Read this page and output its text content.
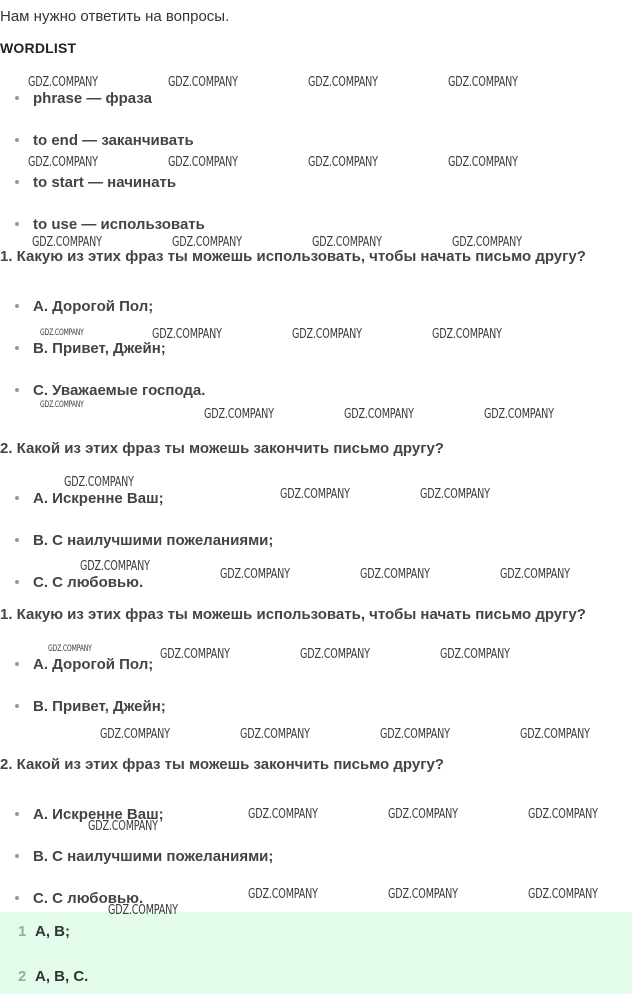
Нам нужно ответить на вопросы.
WORDLIST
phrase — фраза
to end — заканчивать
to start — начинать
to use — использовать
1. Какую из этих фраз ты можешь использовать, чтобы начать письмо другу?
A. Дорогой Пол;
B. Привет, Джейн;
C. Уважаемые господа.
2. Какой из этих фраз ты можешь закончить письмо другу?
A. Искренне Ваш;
B. С наилучшими пожеланиями;
C. С любовью.
1. Какую из этих фраз ты можешь использовать, чтобы начать письмо другу?
A. Дорогой Пол;
B. Привет, Джейн;
2. Какой из этих фраз ты можешь закончить письмо другу?
A. Искренне Ваш;
B. С наилучшими пожеланиями;
C. С любовью.
1 A, B;
2 A, B, C.
GDZ.COMPANY	GDZ.COMPANY	GDZ.COMPANY	GDZ.COMPANY
GDZ.COMPANY	GDZ.COMPANY	GDZ.COMPANY	GDZ.COMPANY
GDZ.COMPANY	GDZ.COMPANY	GDZ.COMPANY	GDZ.COMPANY
GDZ.COMPANY	GDZ.COMPANY	GDZ.COMPANY	GDZ.COMPANY
GDZ.COMPANY
GDZ.COMPANY	GDZ.COMPANY	GDZ.COMPANY
GDZ.COMPANY
GDZ.COMPANY	GDZ.COMPANY
GDZ.COMPANY
GDZ.COMPANY	GDZ.COMPANY	GDZ.COMPANY
GDZ.COMPANY	GDZ.COMPANY	GDZ.COMPANY	GDZ.COMPANY
GDZ.COMPANY	GDZ.COMPANY	GDZ.COMPANY	GDZ.COMPANY
GDZ.COMPANY
GDZ.COMPANY	GDZ.COMPANY	GDZ.COMPANY
GDZ.COMPANY
GDZ.COMPANY	GDZ.COMPANY	GDZ.COMPANY
